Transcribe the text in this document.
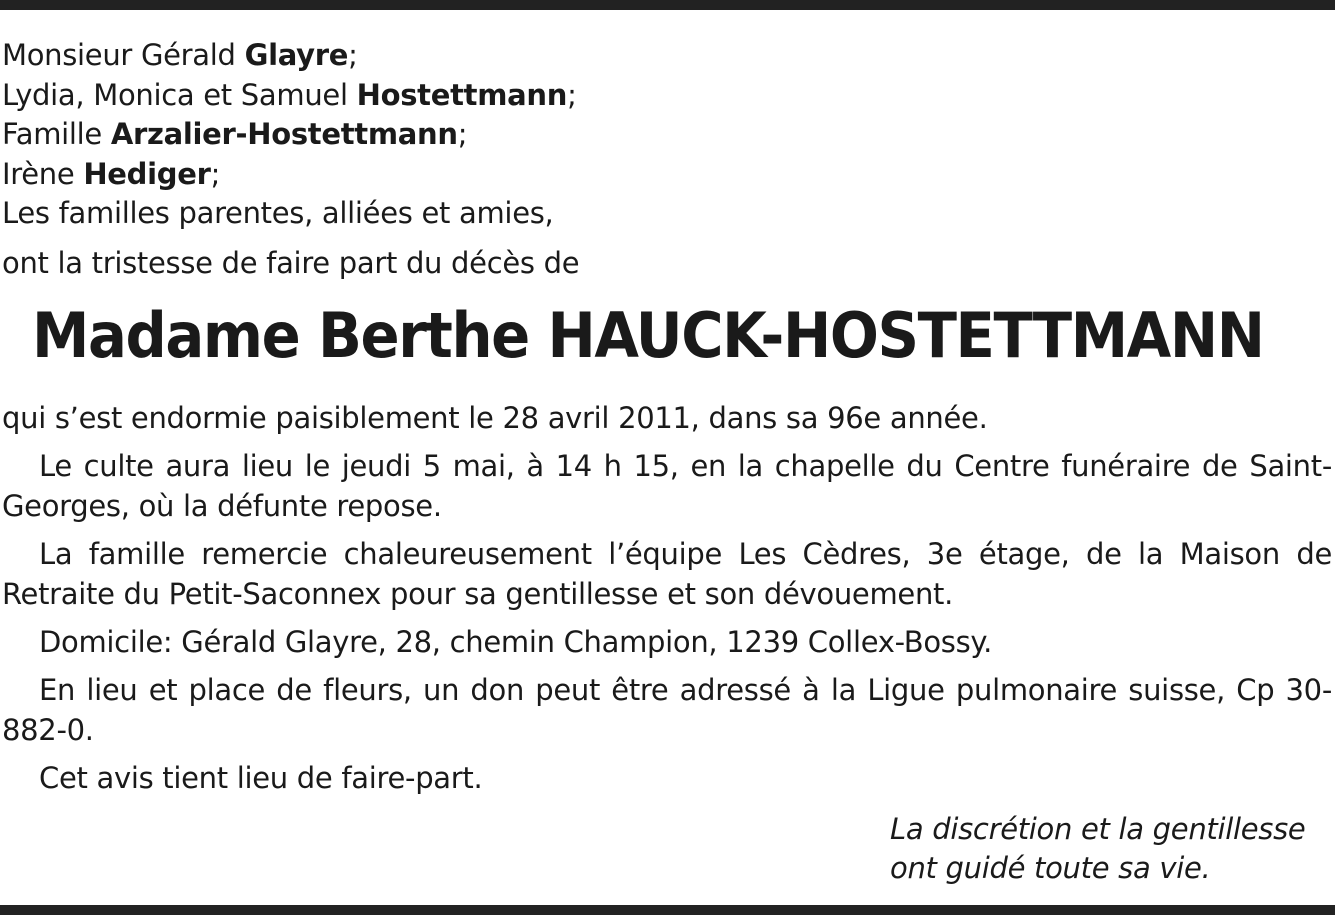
Monsieur Gérald Glayre;
Lydia, Monica et Samuel Hostettmann;
Famille Arzalier-Hostettmann;
Irène Hediger;
Les familles parentes, alliées et amies,
ont la tristesse de faire part du décès de
Madame Berthe HAUCK-HOSTETTMANN

qui s’est endormie paisiblement le 28 avril 2011, dans sa 96e année.

Le culte aura lieu le jeudi 5 mai, à 14 h 15, en la chapelle du Centre funéraire de Saint-Georges, où la défunte repose.

La famille remercie chaleureusement l’équipe Les Cèdres, 3e étage, de la Maison de Retraite du Petit-Saconnex pour sa gentillesse et son dévouement.

Domicile: Gérald Glayre, 28, chemin Champion, 1239 Collex-Bossy.

En lieu et place de fleurs, un don peut être adressé à la Ligue pulmonaire suisse, Cp 30-882-0.

Cet avis tient lieu de faire-part.

La discrétion et la gentillesse
ont guidé toute sa vie.
